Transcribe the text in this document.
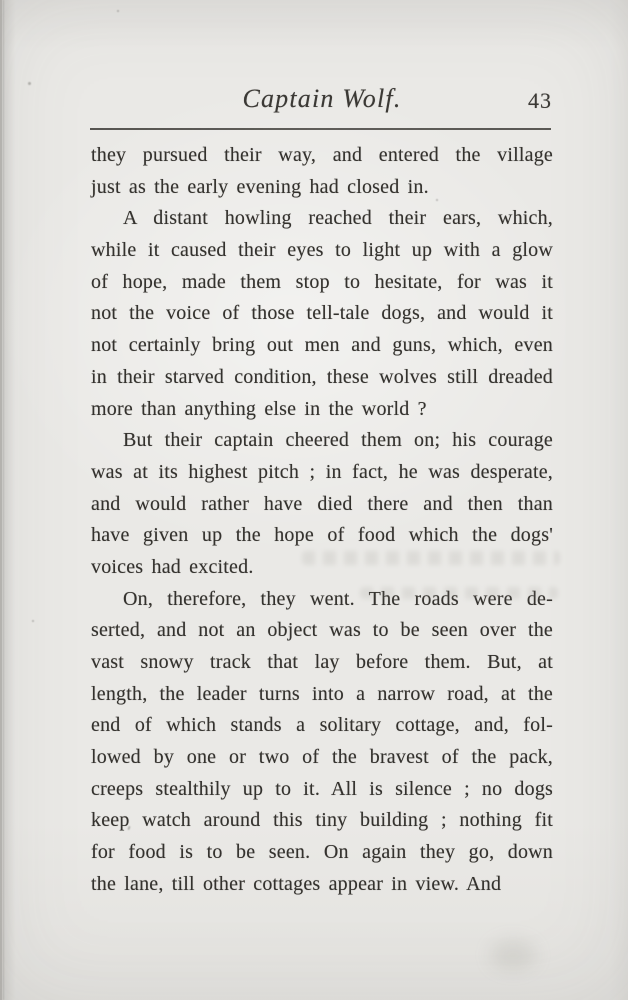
Captain Wolf.	43
they pursued their way, and entered the village
just as the early evening had closed in.
A distant howling reached their ears, which,
while it caused their eyes to light up with a glow
of hope, made them stop to hesitate, for was it
not the voice of those tell-tale dogs, and would it
not certainly bring out men and guns, which, even
in their starved condition, these wolves still dreaded
more than anything else in the world ?
But their captain cheered them on; his courage
was at its highest pitch ; in fact, he was desperate,
and would rather have died there and then than
have given up the hope of food which the dogs'
voices had excited.
On, therefore, they went. The roads were de-
serted, and not an object was to be seen over the
vast snowy track that lay before them. But, at
length, the leader turns into a narrow road, at the
end of which stands a solitary cottage, and, fol-
lowed by one or two of the bravest of the pack,
creeps stealthily up to it. All is silence ; no dogs
keep watch around this tiny building ; nothing fit
for food is to be seen. On again they go, down
the lane, till other cottages appear in view. And
